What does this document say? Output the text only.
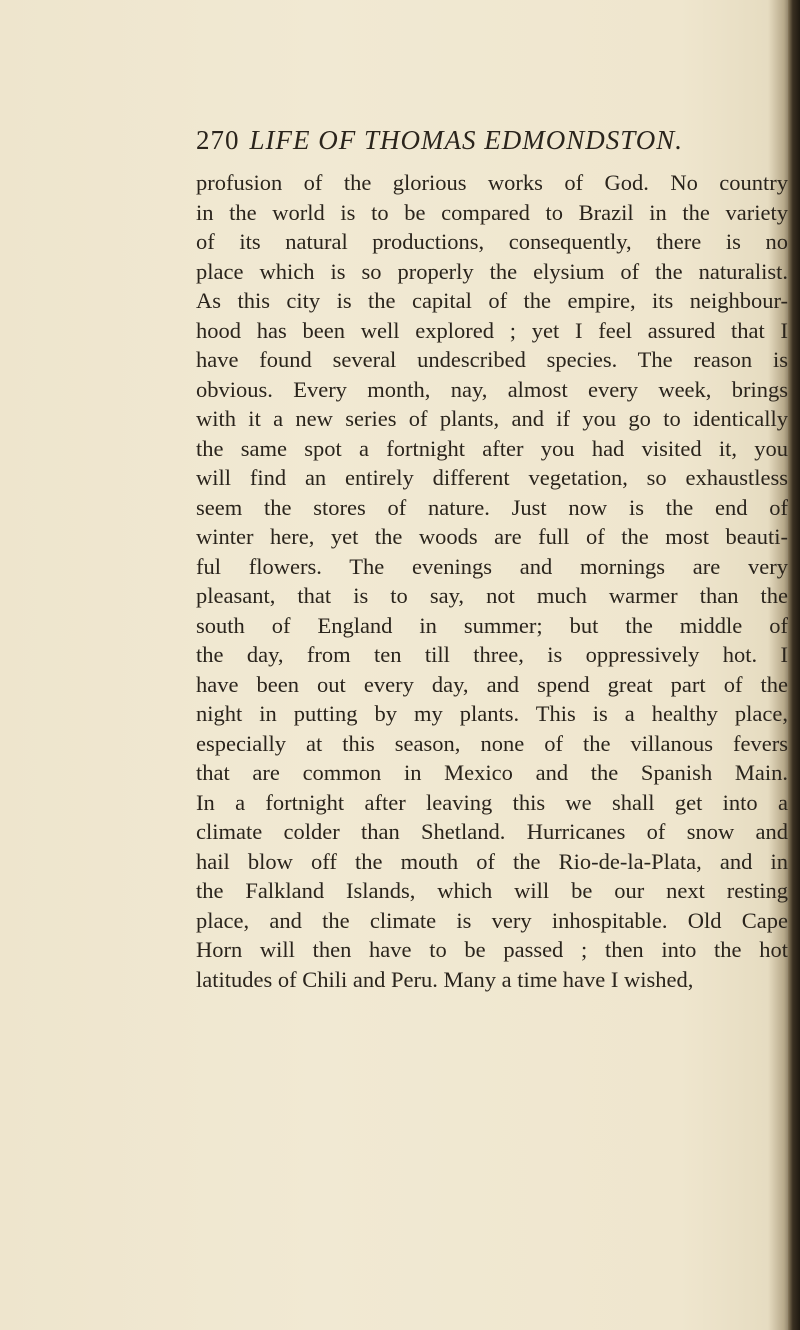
270 LIFE OF THOMAS EDMONDSTON.
profusion of the glorious works of God. No country
in the world is to be compared to Brazil in the variety
of its natural productions, consequently, there is no
place which is so properly the elysium of the naturalist.
As this city is the capital of the empire, its neighbour-
hood has been well explored ; yet I feel assured that I
have found several undescribed species. The reason is
obvious. Every month, nay, almost every week, brings
with it a new series of plants, and if you go to identically
the same spot a fortnight after you had visited it, you
will find an entirely different vegetation, so exhaustless
seem the stores of nature. Just now is the end of
winter here, yet the woods are full of the most beauti-
ful flowers. The evenings and mornings are very
pleasant, that is to say, not much warmer than the
south of England in summer; but the middle of
the day, from ten till three, is oppressively hot. I
have been out every day, and spend great part of the
night in putting by my plants. This is a healthy place,
especially at this season, none of the villanous fevers
that are common in Mexico and the Spanish Main.
In a fortnight after leaving this we shall get into a
climate colder than Shetland. Hurricanes of snow and
hail blow off the mouth of the Rio-de-la-Plata, and in
the Falkland Islands, which will be our next resting
place, and the climate is very inhospitable. Old Cape
Horn will then have to be passed ; then into the hot
latitudes of Chili and Peru. Many a time have I wished,
